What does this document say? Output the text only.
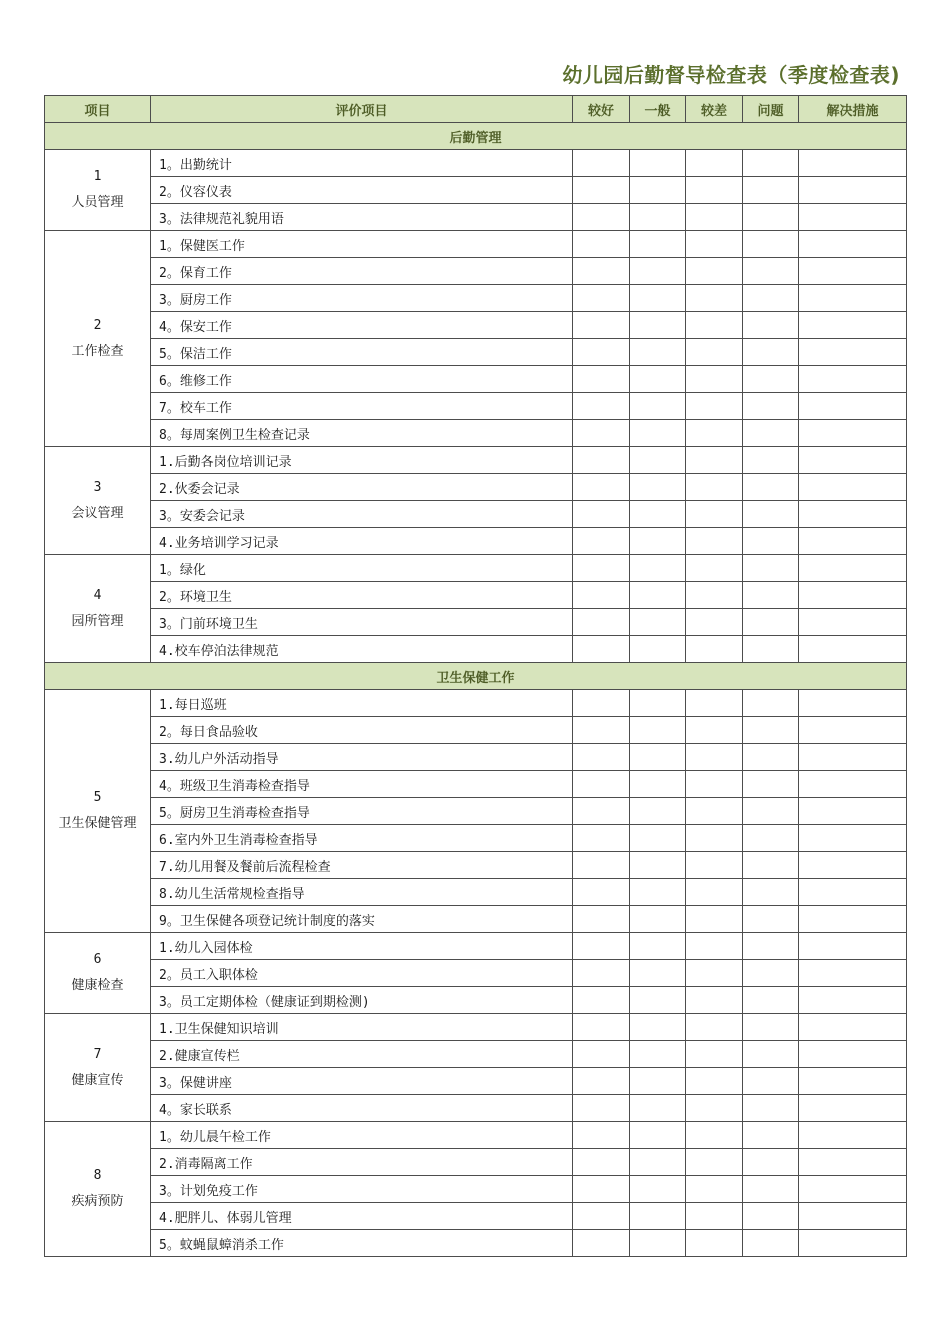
幼儿园后勤督导检查表（季度检查表)
项目	评价项目	较好	一般	较差	问题	解决措施
后勤管理						

1
人员管理	1。出勤统计					
	2。仪容仪表					
	3。法律规范礼貌用语					

2
工作检查	1。保健医工作					
	2。保育工作					
	3。厨房工作					
	4。保安工作					
	5。保洁工作					
	6。维修工作					
	7。校车工作					
	8。每周案例卫生检查记录					

3
会议管理	1.后勤各岗位培训记录					
	2.伙委会记录					
	3。安委会记录					
	4.业务培训学习记录					

4
园所管理	1。绿化					
	2。环境卫生					
	3。门前环境卫生					
	4.校车停泊法律规范					
卫生保健工作						

5
卫生保健管理	1.每日巡班					
	2。每日食品验收					
	3.幼儿户外活动指导					
	4。班级卫生消毒检查指导					
	5。厨房卫生消毒检查指导					
	6.室内外卫生消毒检查指导					
	7.幼儿用餐及餐前后流程检查					
	8.幼儿生活常规检查指导					
	9。卫生保健各项登记统计制度的落实					

6
健康检查	1.幼儿入园体检					
	2。员工入职体检					
	3。员工定期体检（健康证到期检测)					

7
健康宣传	1.卫生保健知识培训					
	2.健康宣传栏					
	3。保健讲座					
	4。家长联系					

8
疾病预防	1。幼儿晨午检工作					
	2.消毒隔离工作					
	3。计划免疫工作					
	4.肥胖儿、体弱儿管理					
	5。蚊蝇鼠蟑消杀工作					
